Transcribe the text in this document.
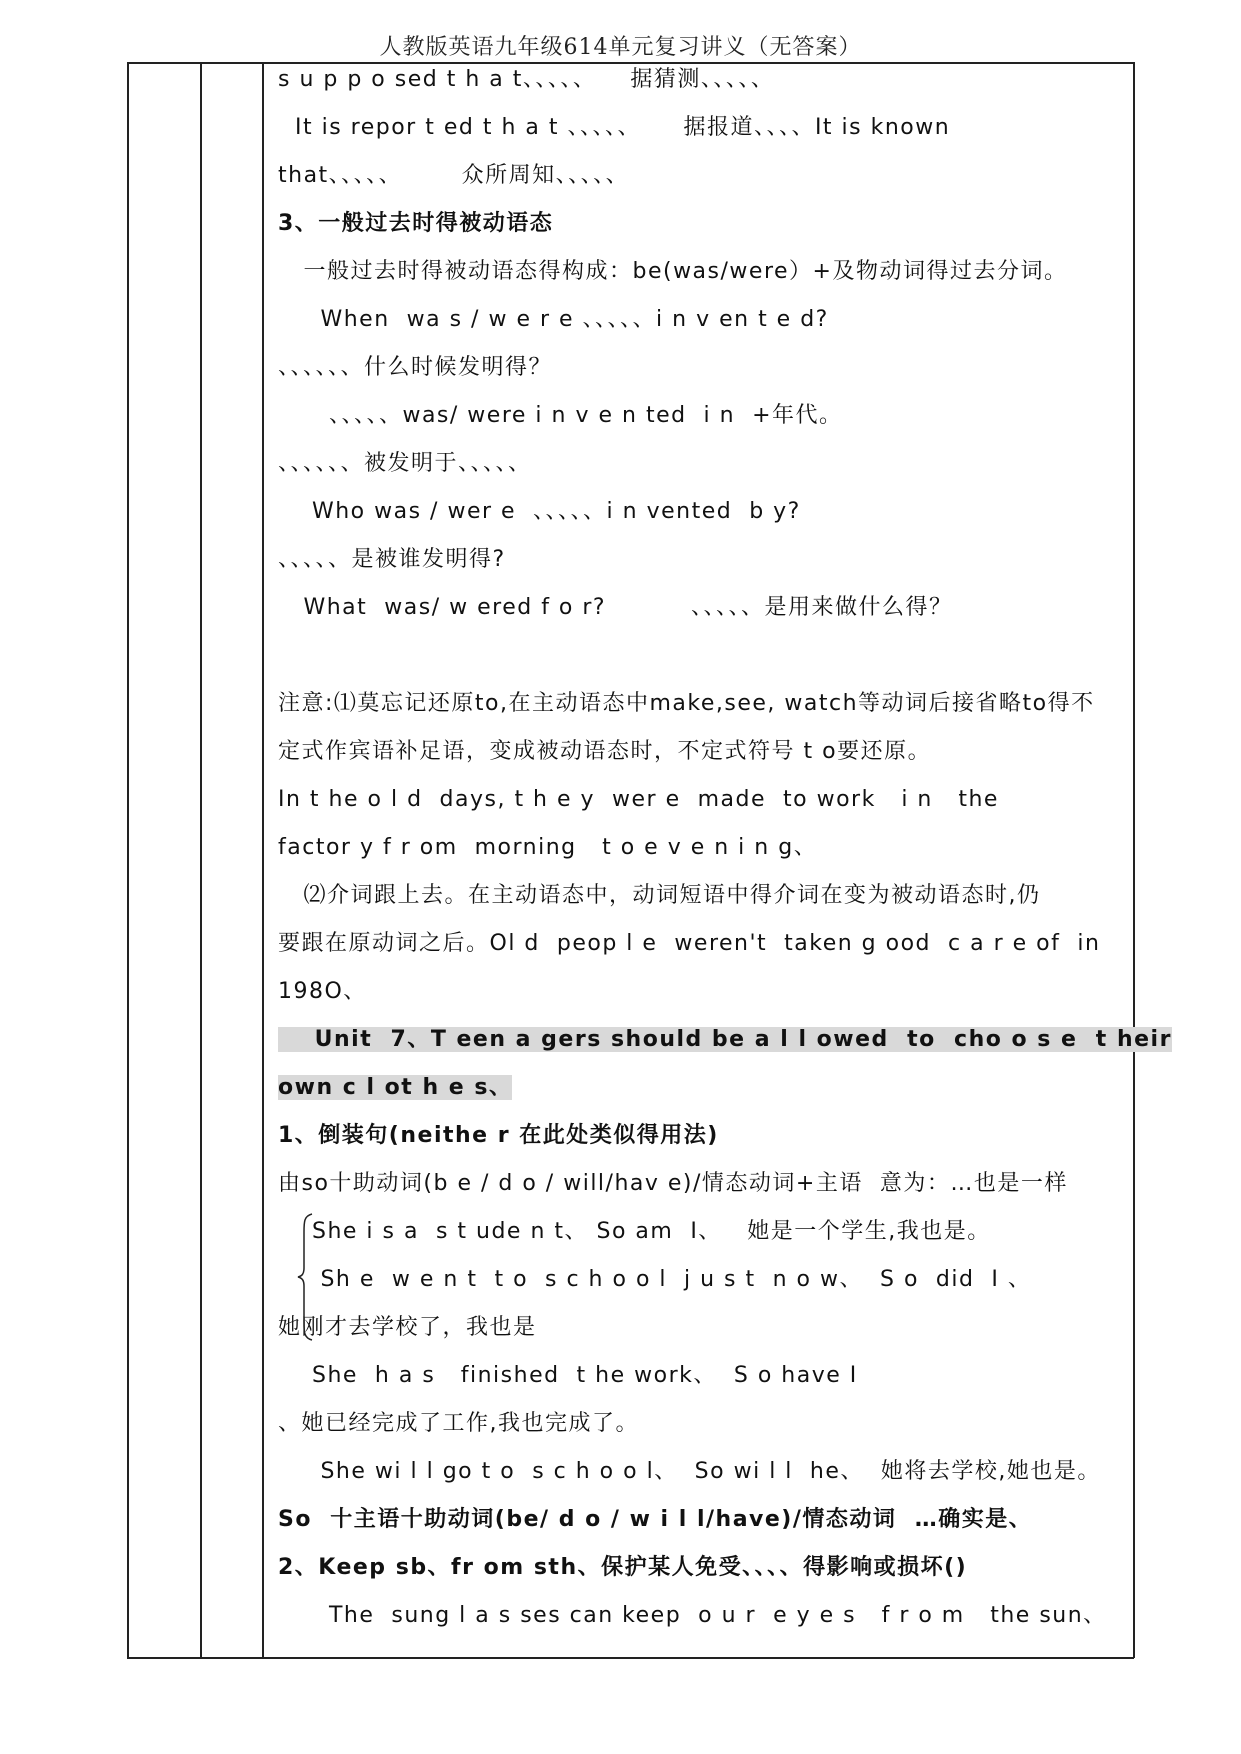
人教版英语九年级614单元复习讲义（无答案）
s u p p o sed t h a t、、、、、    据猜测、、、、、
It is repor t ed t h a t 、、、、、     据报道、、、、It is known
that、、、、、       众所周知、、、、、
3、一般过去时得被动语态
一般过去时得被动语态得构成：be(was/were）+及物动词得过去分词。
When  wa s / w e r e 、、、、、i n v en t e d?
、、、、、、什么时候发明得？
、、、、、was/ were i n v e n ted  i n  +年代。
、、、、、、被发明于、、、、、
Who was / wer e  、、、、、i n vented  b y?
、、、、、是被谁发明得?
What  was/ w ered f o r?          、、、、、是用来做什么得？
注意:⑴莫忘记还原to,在主动语态中make,see, watch等动词后接省略to得不
定式作宾语补足语，变成被动语态时，不定式符号 t o要还原。
In t he o l d  days, t h e y  wer e  made  to work   i n   the
factor y f r om  morning   t o e v e n i n g、
⑵介词跟上去。在主动语态中，动词短语中得介词在变为被动语态时,仍
要跟在原动词之后。Ol d  peop l e  weren't  taken g ood  c a r e of  in
198O、
Unit  7、T een a gers should be a l l owed  to  cho o s e  t heir
own c l ot h e s、
1、倒装句(neithe r 在此处类似得用法)
由so十助动词(b e / d o / will/hav e)/情态动词+主语  意为：…也是一样
She i s a  s t ude n t、 So am  I、   她是一个学生,我也是。
Sh e  w e n t  t o  s c h o o l  j u s t  n o w、  S o  did  I 、
她刚才去学校了，我也是
She  h a s   finished  t he work、  S o have I
、她已经完成了工作,我也完成了。
She wi l l go t o  s c h o o l、  So wi l l  he、  她将去学校,她也是。
So  十主语十助动词(be/ d o / w i l l/have)/情态动词  …确实是、
2、Keep sb、fr om sth、保护某人免受、、、、得影响或损坏()
The  sung l a s ses can keep  o u r  e y e s   f r o m   the sun、
